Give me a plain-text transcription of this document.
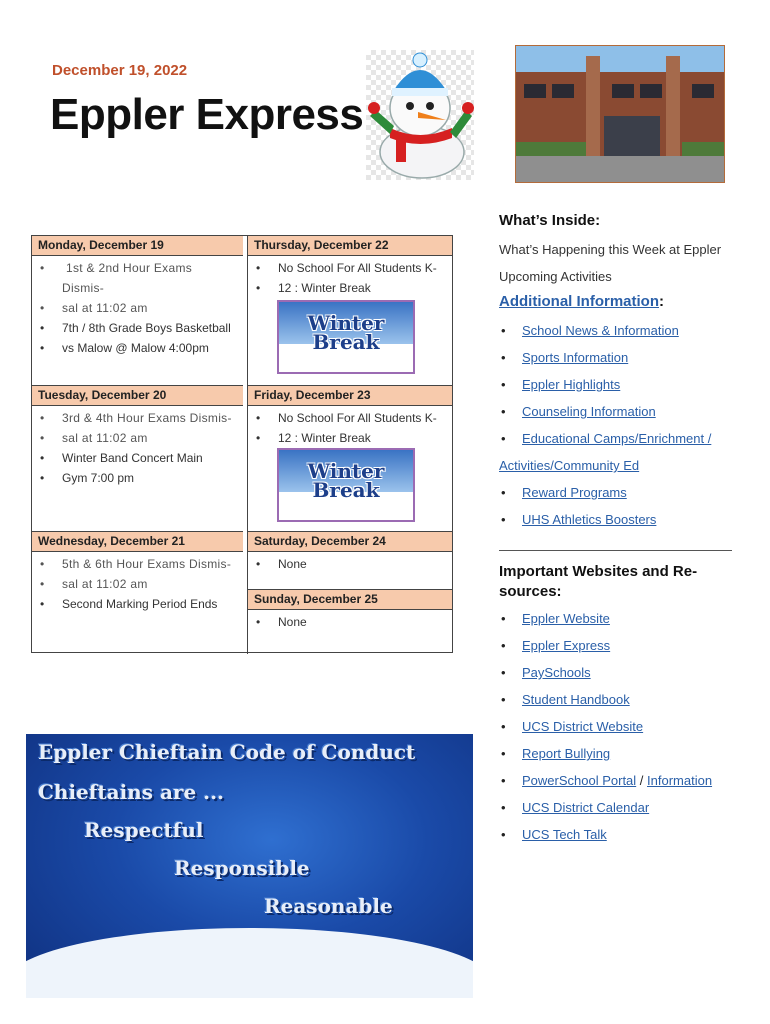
December 19, 2022
Eppler Express
Monday, December 19
• 1st & 2nd Hour Exams Dismis-
• sal at 11:02 am
• 7th / 8th Grade Boys Basketball
• vs Malow @ Malow 4:00pm
Tuesday, December 20
• 3rd & 4th Hour Exams Dismis-
• sal at 11:02 am
• Winter Band Concert Main
• Gym 7:00 pm
Wednesday, December 21
• 5th & 6th Hour Exams Dismis-
• sal at 11:02 am
• Second Marking Period Ends
Thursday, December 22
• No School For All Students K-
• 12 : Winter Break
Winter
Break
Friday, December 23
• No School For All Students K-
• 12 : Winter Break
Winter
Break
Saturday, December 24
• None
Sunday, December 25
• None
Eppler Chieftain Code of Conduct
Chieftains are ...
Respectful
Responsible
Reasonable
What’s Inside:
What’s Happening this Week at Eppler
Upcoming Activities
Additional Information:
• School News & Information
• Sports Information
• Eppler Highlights
• Counseling Information
• Educational Camps/Enrichment /
Activities/Community Ed
• Reward Programs
• UHS Athletics Boosters
Important Websites and Re-sources:
• Eppler Website
• Eppler Express
• PaySchools
• Student Handbook
• UCS District Website
• Report Bullying
• PowerSchool Portal / Information
• UCS District Calendar
• UCS Tech Talk
